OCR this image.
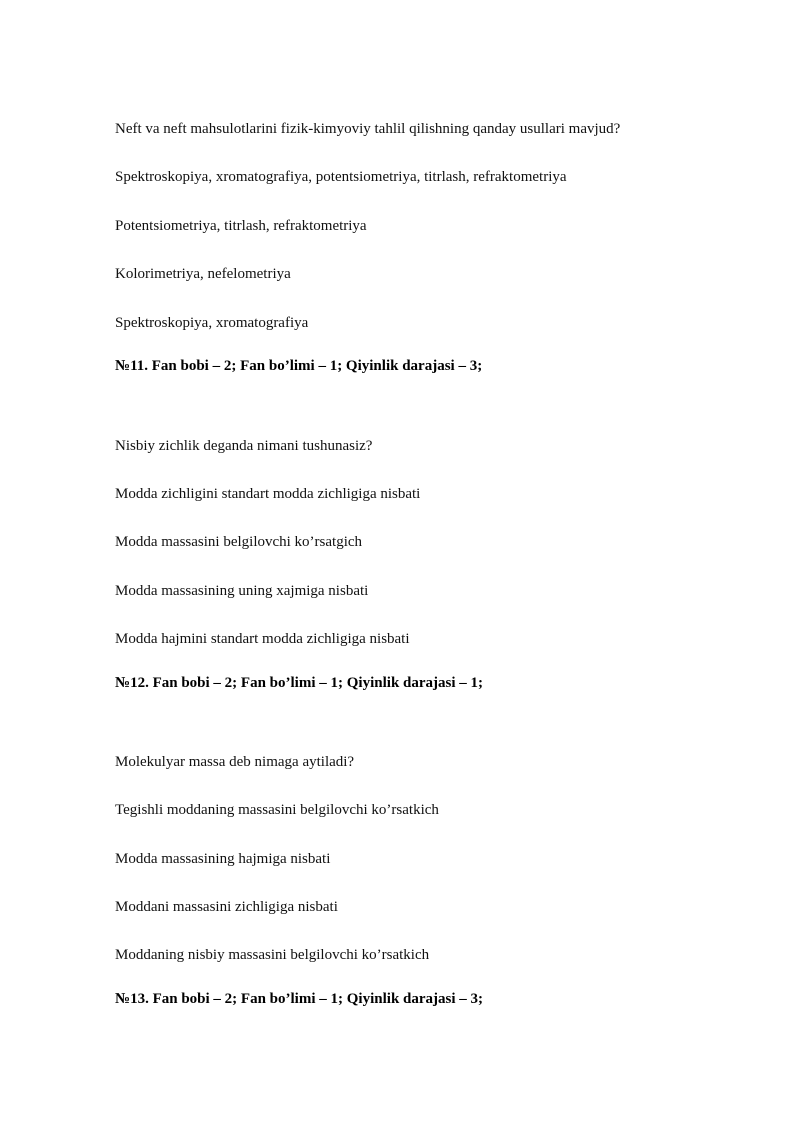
Neft va neft mahsulotlarini fizik-kimyoviy tahlil qilishning qanday usullari mavjud?
Spektroskopiya, xromatografiya, potentsiometriya, titrlash, refraktometriya
Potentsiometriya, titrlash, refraktometriya
Kolorimetriya, nefelometriya
Spektroskopiya, xromatografiya
№11. Fan bobi – 2; Fan bo’limi – 1; Qiyinlik darajasi – 3;
Nisbiy zichlik deganda nimani tushunasiz?
Modda zichligini standart modda zichligiga nisbati
Modda massasini belgilovchi ko’rsatgich
Modda massasining uning xajmiga nisbati
Modda hajmini standart modda zichligiga nisbati
№12. Fan bobi – 2; Fan bo’limi – 1; Qiyinlik darajasi – 1;
Molekulyar massa deb nimaga aytiladi?
Tegishli moddaning massasini belgilovchi ko’rsatkich
Modda massasining hajmiga nisbati
Moddani massasini zichligiga nisbati
Moddaning nisbiy massasini belgilovchi ko’rsatkich
№13. Fan bobi – 2; Fan bo’limi – 1; Qiyinlik darajasi – 3;
